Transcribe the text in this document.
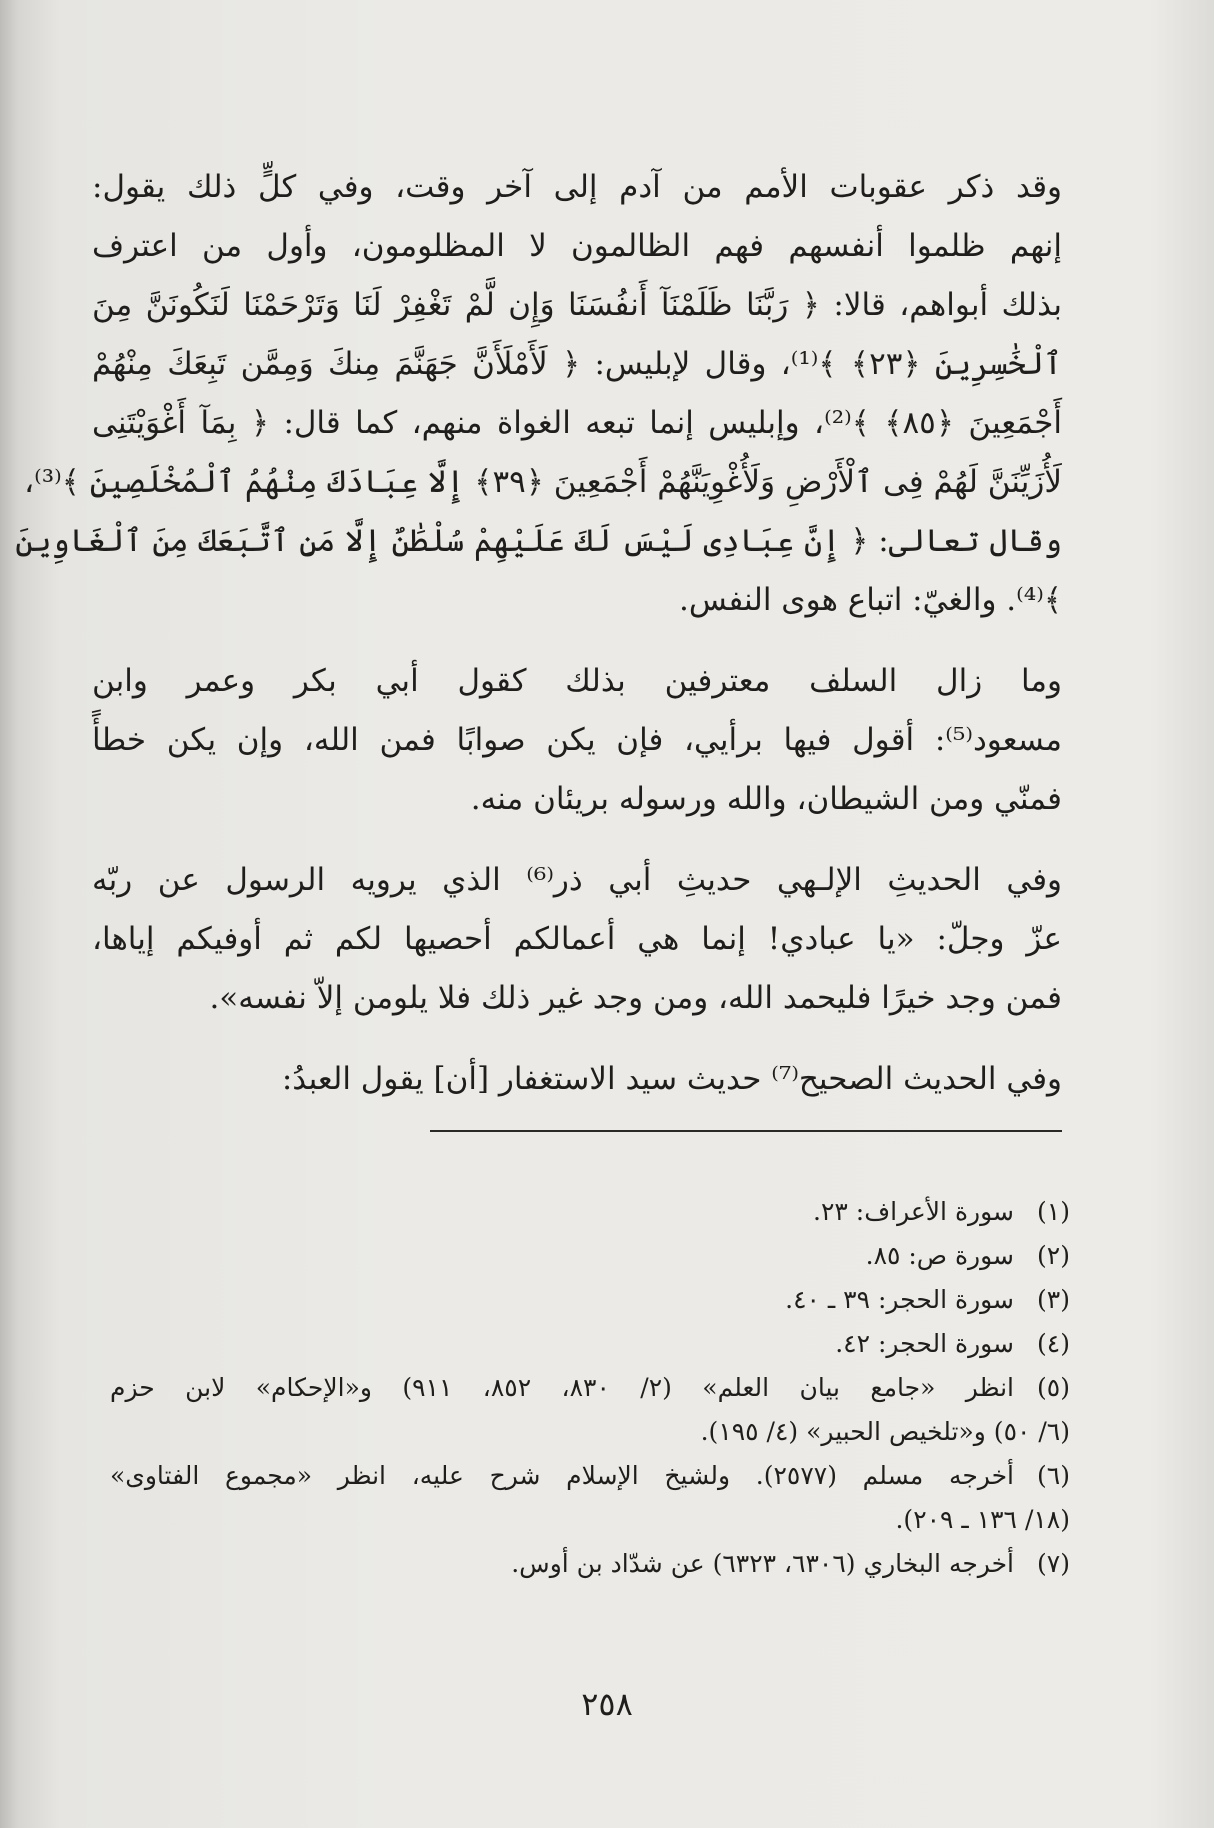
وقد ذكر عقوبات الأمم من آدم إلى آخر وقت، وفي كلٍّ ذلك يقول:
إنهم ظلموا أنفسهم فهم الظالمون لا المظلومون، وأول من اعترف
بذلك أبواهم، قالا: ﴿ رَبَّنَا ظَلَمْنَآ أَنفُسَنَا وَإِن لَّمْ تَغْفِرْ لَنَا وَتَرْحَمْنَا لَنَكُونَنَّ مِنَ
ٱلْخَٰسِرِينَ ﴿٢٣﴾ ﴾⁽¹⁾، وقال لإبليس: ﴿ لَأَمْلَأَنَّ جَهَنَّمَ مِنكَ وَمِمَّن تَبِعَكَ مِنْهُمْ
أَجْمَعِينَ ﴿٨٥﴾ ﴾⁽²⁾، وإبليس إنما تبعه الغواة منهم، كما قال: ﴿ بِمَآ أَغْوَيْتَنِى
لَأُزَيِّنَنَّ لَهُمْ فِى ٱلْأَرْضِ وَلَأُغْوِيَنَّهُمْ أَجْمَعِينَ ﴿٣٩﴾ إِلَّا عِبَادَكَ مِنْهُمُ ٱلْمُخْلَصِينَ ﴾⁽³⁾،
وقال تعالى: ﴿ إِنَّ عِبَادِى لَيْسَ لَكَ عَلَيْهِمْ سُلْطَٰنٌ إِلَّا مَنِ ٱتَّبَعَكَ مِنَ ٱلْغَاوِينَ
﴾⁽⁴⁾. والغيّ: اتباع هوى النفس.
وما زال السلف معترفين بذلك كقول أبي بكر وعمر وابن
مسعود⁽⁵⁾: أقول فيها برأيي، فإن يكن صوابًا فمن الله، وإن يكن خطأً
فمنّي ومن الشيطان، والله ورسوله بريئان منه.
وفي الحديثِ الإلـهي حديثِ أبي ذر⁽⁶⁾ الذي يرويه الرسول عن ربّه
عزّ وجلّ: «يا عبادي! إنما هي أعمالكم أحصيها لكم ثم أوفيكم إياها،
فمن وجد خيرًا فليحمد الله، ومن وجد غير ذلك فلا يلومن إلاّ نفسه».
وفي الحديث الصحيح⁽⁷⁾ حديث سيد الاستغفار [أن] يقول العبدُ:
(١)
سورة الأعراف: ٢٣.
(٢)
سورة ص: ٨٥.
(٣)
سورة الحجر: ٣٩ ـ ٤٠.
(٤)
سورة الحجر: ٤٢.
(٥)
انظر «جامع بيان العلم» (٢/ ٨٣٠، ٨٥٢، ٩١١) و«الإحكام» لابن حزم
(٦/ ٥٠) و«تلخيص الحبير» (٤/ ١٩٥).
(٦)
أخرجه مسلم (٢٥٧٧). ولشيخ الإسلام شرح عليه، انظر «مجموع الفتاوى»
(١٨/ ١٣٦ ـ ٢٠٩).
(٧)
أخرجه البخاري (٦٣٠٦، ٦٣٢٣) عن شدّاد بن أوس.
٢٥٨
